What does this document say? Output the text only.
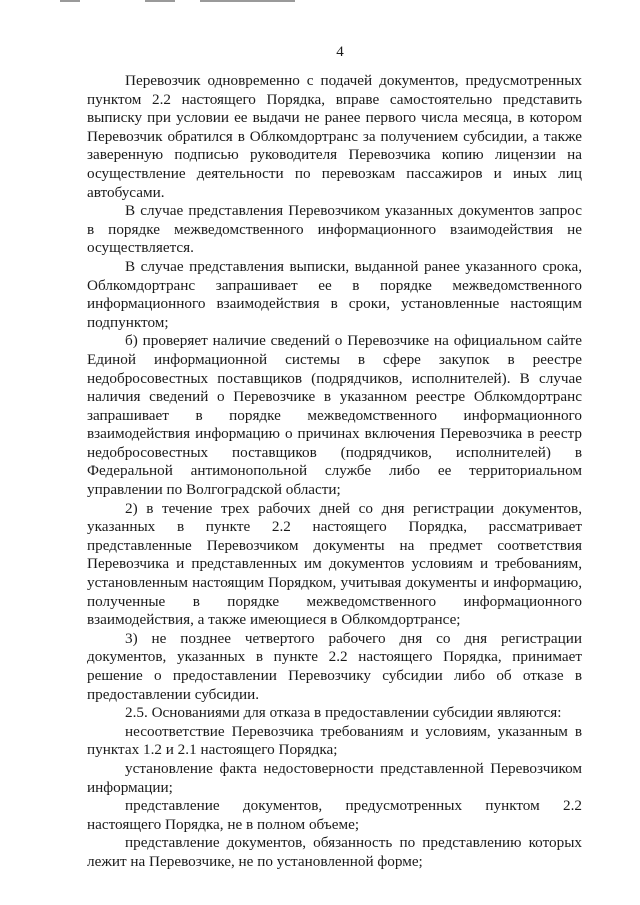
4

Перевозчик одновременно с подачей документов, предусмотренных пунктом 2.2 настоящего Порядка, вправе самостоятельно представить выписку при условии ее выдачи не ранее первого числа месяца, в котором Перевозчик обратился в Облкомдортранс за получением субсидии, а также заверенную подписью руководителя Перевозчика копию лицензии на осуществление деятельности по перевозкам пассажиров и иных лиц автобусами.

В случае представления Перевозчиком указанных документов запрос в порядке межведомственного информационного взаимодействия не осуществляется.

В случае представления выписки, выданной ранее указанного срока, Облкомдортранс запрашивает ее в порядке межведомственного информационного взаимодействия в сроки, установленные настоящим подпунктом;

б) проверяет наличие сведений о Перевозчике на официальном сайте Единой информационной системы в сфере закупок в реестре недобросовестных поставщиков (подрядчиков, исполнителей). В случае наличия сведений о Перевозчике в указанном реестре Облкомдортранс запрашивает в порядке межведомственного информационного взаимодействия информацию о причинах включения Перевозчика в реестр недобросовестных поставщиков (подрядчиков, исполнителей) в Федеральной антимонопольной службе либо ее территориальном управлении по Волгоградской области;

2) в течение трех рабочих дней со дня регистрации документов, указанных в пункте 2.2 настоящего Порядка, рассматривает представленные Перевозчиком документы на предмет соответствия Перевозчика и представленных им документов условиям и требованиям, установленным настоящим Порядком, учитывая документы и информацию, полученные в порядке межведомственного информационного взаимодействия, а также имеющиеся в Облкомдортрансе;

3) не позднее четвертого рабочего дня со дня регистрации документов, указанных в пункте 2.2 настоящего Порядка, принимает решение о предоставлении Перевозчику субсидии либо об отказе в предоставлении субсидии.

2.5. Основаниями для отказа в предоставлении субсидии являются:

несоответствие Перевозчика требованиям и условиям, указанным в пунктах 1.2 и 2.1 настоящего Порядка;

установление факта недостоверности представленной Перевозчиком информации;

представление документов, предусмотренных пунктом 2.2 настоящего Порядка, не в полном объеме;

представление документов, обязанность по представлению которых лежит на Перевозчике, не по установленной форме;
